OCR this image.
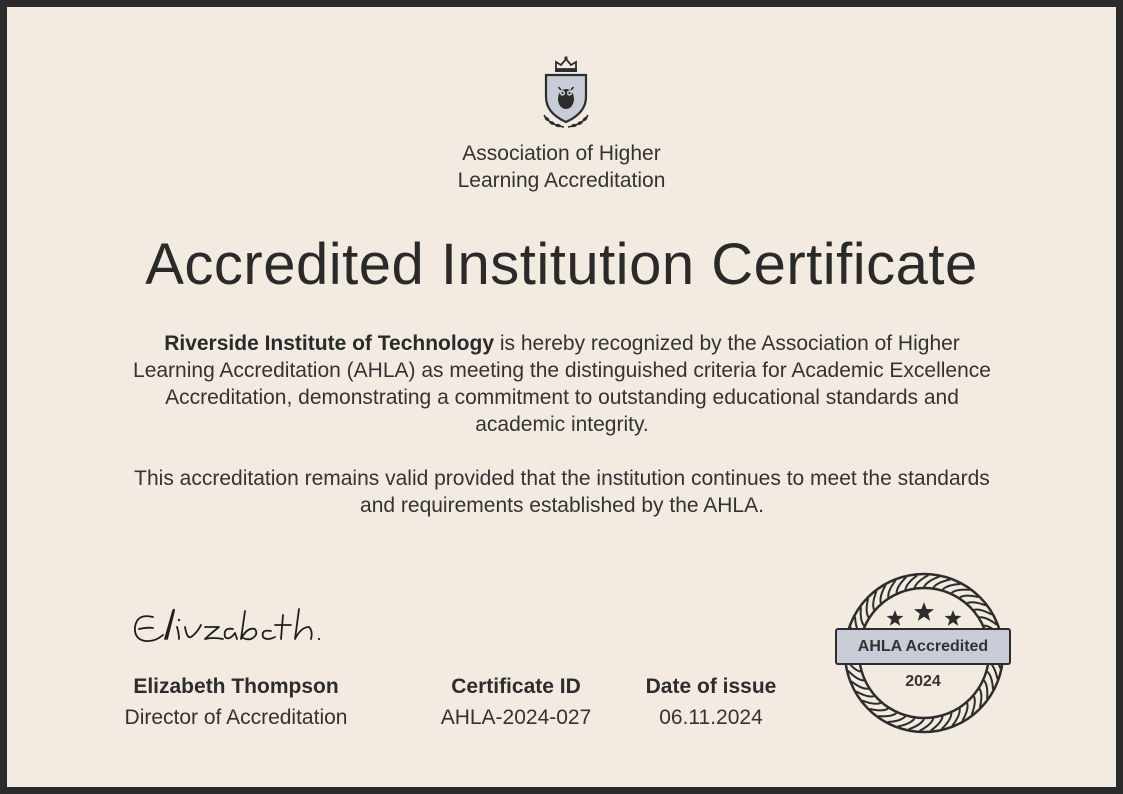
Association of Higher
Learning Accreditation
Accredited Institution Certificate

Riverside Institute of Technology is hereby recognized by the Association of Higher Learning Accreditation (AHLA) as meeting the distinguished criteria for Academic Excellence Accreditation, demonstrating a commitment to outstanding educational standards and academic integrity.

This accreditation remains valid provided that the institution continues to meet the standards and requirements established by the AHLA.

Elizabeth Thompson
Director of Accreditation
Certificate ID
AHLA-2024-027
Date of issue
06.11.2024
AHLA Accredited
2024
